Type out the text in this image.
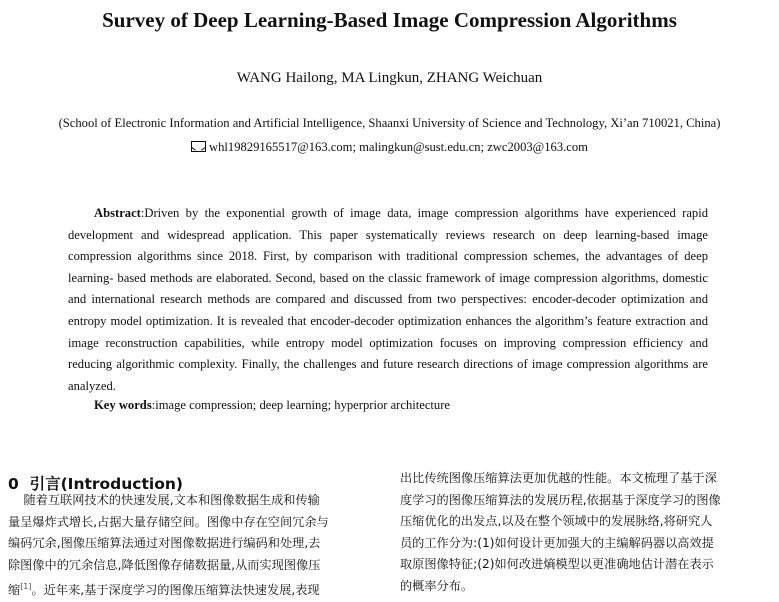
Survey of Deep Learning-Based Image Compression Algorithms
WANG Hailong, MA Lingkun, ZHANG Weichuan
(School of Electronic Information and Artificial Intelligence, Shaanxi University of Science and Technology, Xi’an 710021, China)
whl19829165517@163.com; malingkun@sust.edu.cn; zwc2003@163.com
Abstract:Driven by the exponential growth of image data, image compression algorithms have experienced rapid development and widespread application. This paper systematically reviews research on deep learning-based image compression algorithms since 2018. First, by comparison with traditional compression schemes, the advantages of deep learning- based methods are elaborated. Second, based on the classic framework of image compression algorithms, domestic and international research methods are compared and discussed from two perspectives: encoder-decoder optimization and entropy model optimization. It is revealed that encoder-decoder optimization enhances the algorithm’s feature extraction and image reconstruction capabilities, while entropy model optimization focuses on improving compression efficiency and reducing algorithmic complexity. Finally, the challenges and future research directions of image compression algorithms are analyzed.
Key words:image compression; deep learning; hyperprior architecture
0 引言(Introduction)
随着互联网技术的快速发展,文本和图像数据生成和传输
量呈爆炸式增长,占据大量存储空间。图像中存在空间冗余与
编码冗余,图像压缩算法通过对图像数据进行编码和处理,去
除图像中的冗余信息,降低图像存储数据量,从而实现图像压
缩[1]。近年来,基于深度学习的图像压缩算法快速发展,表现
出比传统图像压缩算法更加优越的性能。本文梳理了基于深
度学习的图像压缩算法的发展历程,依据基于深度学习的图像
压缩优化的出发点,以及在整个领域中的发展脉络,将研究人
员的工作分为:(1)如何设计更加强大的主编解码器以高效提
取原图像特征;(2)如何改进熵模型以更准确地估计潜在表示
的概率分布。
